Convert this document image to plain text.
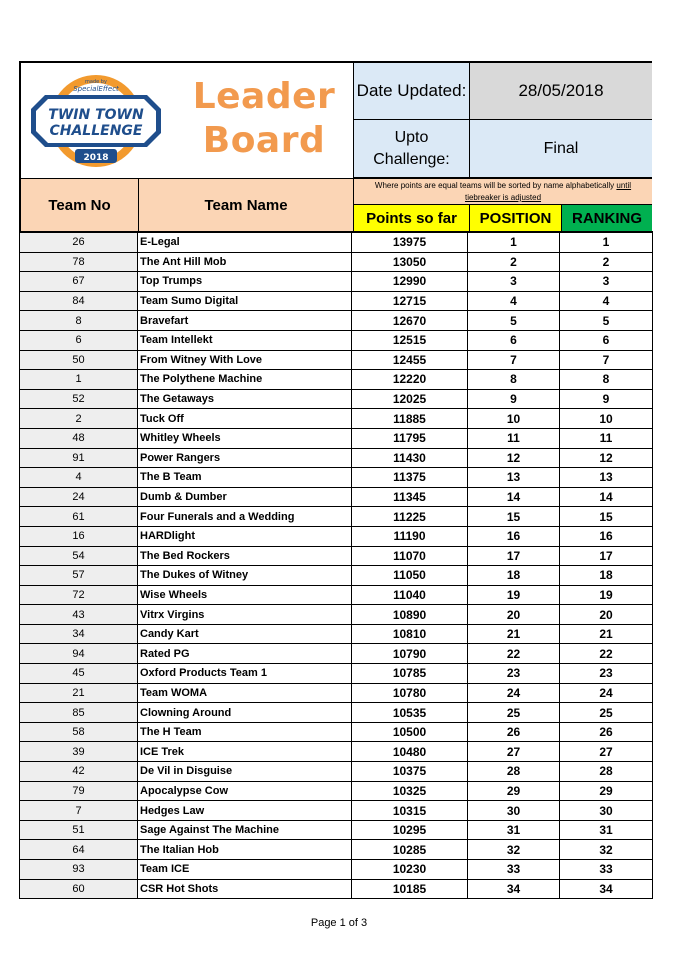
made by
SpecialEffect
TWIN TOWN
CHALLENGE
2018
Leader
Board
Date Updated:	28/05/2018
Upto
Challenge:
Final
Team No	Team Name
Where points are equal teams will be sorted by name alphabetically until
tiebreaker is adjusted
Points so far	POSITION	RANKING
26	E-Legal	13975	1	1
78	The Ant Hill Mob	13050	2	2
67	Top Trumps	12990	3	3
84	Team Sumo Digital	12715	4	4
8	Bravefart	12670	5	5
6	Team Intellekt	12515	6	6
50	From Witney With Love	12455	7	7
1	The Polythene Machine	12220	8	8
52	The Getaways	12025	9	9
2	Tuck Off	11885	10	10
48	Whitley Wheels	11795	11	11
91	Power Rangers	11430	12	12
4	The B Team	11375	13	13
24	Dumb & Dumber	11345	14	14
61	Four Funerals and a Wedding	11225	15	15
16	HARDlight	11190	16	16
54	The Bed Rockers	11070	17	17
57	The Dukes of Witney	11050	18	18
72	Wise Wheels	11040	19	19
43	Vitrx Virgins	10890	20	20
34	Candy Kart	10810	21	21
94	Rated PG	10790	22	22
45	Oxford Products Team 1	10785	23	23
21	Team WOMA	10780	24	24
85	Clowning Around	10535	25	25
58	The H Team	10500	26	26
39	ICE Trek	10480	27	27
42	De Vil in Disguise	10375	28	28
79	Apocalypse Cow	10325	29	29
7	Hedges Law	10315	30	30
51	Sage Against The Machine	10295	31	31
64	The Italian Hob	10285	32	32
93	Team ICE	10230	33	33
60	CSR Hot Shots	10185	34	34
Page 1 of 3
